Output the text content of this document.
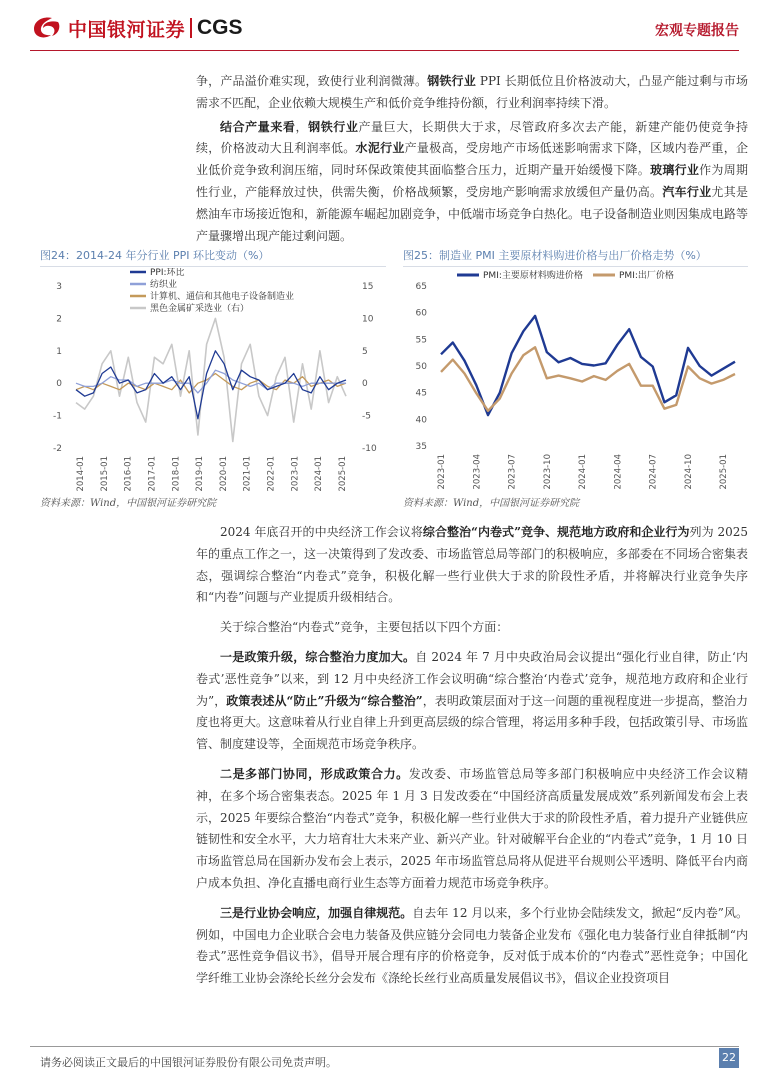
中国银河证券 CGS	宏观专题报告

争，产品溢价难实现，致使行业利润微薄。钢铁行业 PPI 长期低位且价格波动大，凸显产能过剩与市场需求不匹配，企业依赖大规模生产和低价竞争维持份额，行业利润率持续下滑。

结合产量来看，钢铁行业产量巨大，长期供大于求，尽管政府多次去产能，新建产能仍使竞争持续，价格波动大且利润率低。水泥行业产量极高，受房地产市场低迷影响需求下降，区域内卷严重，企业低价竞争致利润压缩，同时环保政策使其面临整合压力，近期产量开始缓慢下降。玻璃行业作为周期性行业，产能释放过快，供需失衡，价格战频繁，受房地产影响需求放缓但产量仍高。汽车行业尤其是燃油车市场接近饱和，新能源车崛起加剧竞争，中低端市场竞争白热化。电子设备制造业则因集成电路等产量骤增出现产能过剩问题。

图24：2014-24 年分行业 PPI 环比变动（%）
3
2
1
0
-1
-2
15
10
5
0
-5
-10
2014-01 2015-01 2016-01 2017-01 2018-01 2019-01 2020-01 2021-01 2022-01 2023-01 2024-01 2025-01
PPI:环比
纺织业
计算机、通信和其他电子设备制造业
黑色金属矿采选业（右）
资料来源：Wind，中国银河证券研究院
图25：制造业 PMI 主要原材料购进价格与出厂价格走势（%）
65
60
55
50
45
40
35
2023-01	2023-04	2023-07	2023-10	2024-01	2024-04	2024-07	2024-10	2025-01
PMI:主要原材料购进价格	PMI:出厂价格
资料来源：Wind，中国银河证券研究院

2024 年底召开的中央经济工作会议将综合整治“内卷式”竞争、规范地方政府和企业行为列为 2025 年的重点工作之一，这一决策得到了发改委、市场监管总局等部门的积极响应，多部委在不同场合密集表态，强调综合整治“内卷式”竞争，积极化解一些行业供大于求的阶段性矛盾，并将解决行业竞争失序和“内卷”问题与产业提质升级相结合。

关于综合整治“内卷式”竞争，主要包括以下四个方面：

一是政策升级，综合整治力度加大。自 2024 年 7 月中央政治局会议提出“强化行业自律，防止‘内卷式’恶性竞争”以来，到 12 月中央经济工作会议明确“综合整治‘内卷式’竞争，规范地方政府和企业行为”，政策表述从“防止”升级为“综合整治”，表明政策层面对于这一问题的重视程度进一步提高，整治力度也将更大。这意味着从行业自律上升到更高层级的综合管理，将运用多种手段，包括政策引导、市场监管、制度建设等，全面规范市场竞争秩序。

二是多部门协同，形成政策合力。发改委、市场监管总局等多部门积极响应中央经济工作会议精神，在多个场合密集表态。2025 年 1 月 3 日发改委在“中国经济高质量发展成效”系列新闻发布会上表示，2025 年要综合整治“内卷式”竞争，积极化解一些行业供大于求的阶段性矛盾，着力提升产业链供应链韧性和安全水平，大力培育壮大未来产业、新兴产业。针对破解平台企业的“内卷式”竞争，1 月 10 日市场监管总局在国新办发布会上表示，2025 年市场监管总局将从促进平台规则公平透明、降低平台内商户成本负担、净化直播电商行业生态等方面着力规范市场竞争秩序。

三是行业协会响应，加强自律规范。自去年 12 月以来，多个行业协会陆续发文，掀起“反内卷”风。例如，中国电力企业联合会电力装备及供应链分会同电力装备企业发布《强化电力装备行业自律抵制“内卷式”恶性竞争倡议书》，倡导开展合理有序的价格竞争，反对低于成本价的“内卷式”恶性竞争；中国化学纤维工业协会涤纶长丝分会发布《涤纶长丝行业高质量发展倡议书》，倡议企业投资项目

请务必阅读正文最后的中国银河证券股份有限公司免责声明。	22
